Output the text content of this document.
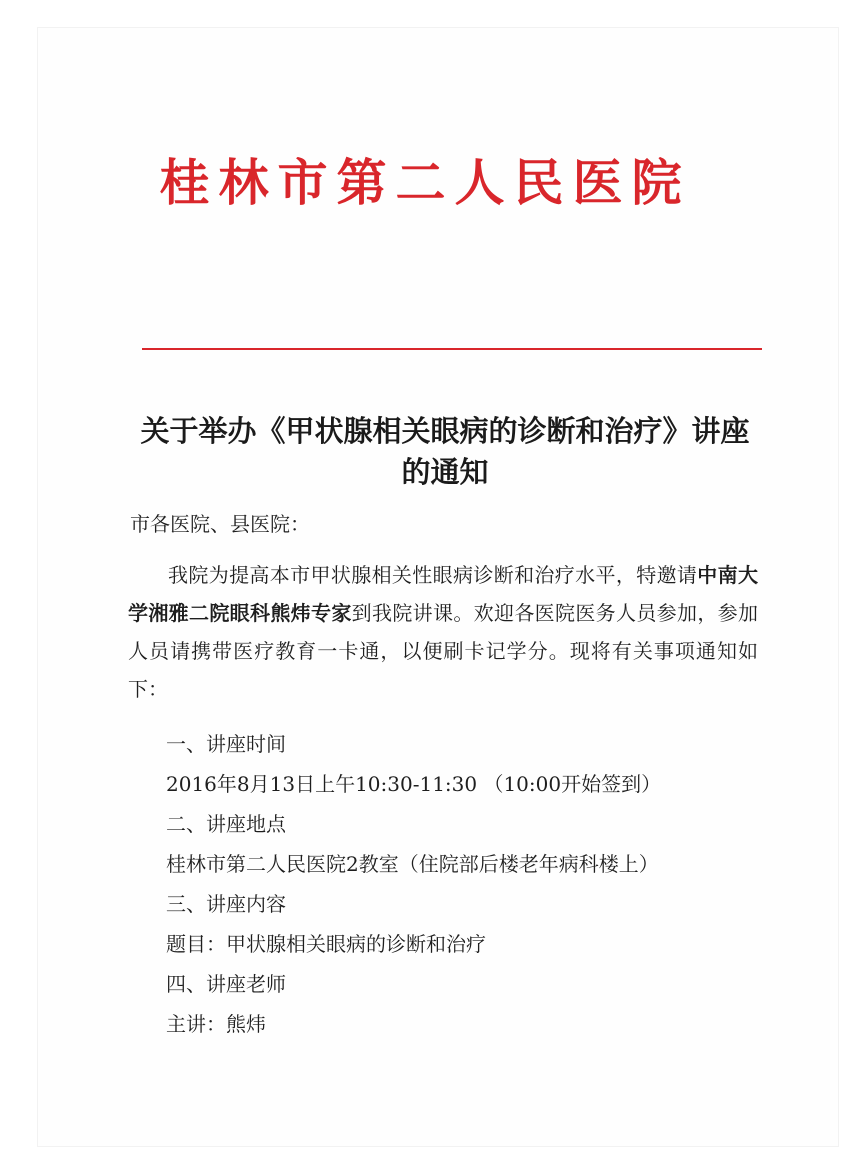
桂林市第二人民医院
关于举办《甲状腺相关眼病的诊断和治疗》讲座
的通知
市各医院、县医院：
我院为提高本市甲状腺相关性眼病诊断和治疗水平，特邀请中南大学湘雅二院眼科熊炜专家到我院讲课。欢迎各医院医务人员参加，参加人员请携带医疗教育一卡通，以便刷卡记学分。现将有关事项通知如下：
一、讲座时间
2016年8月13日上午10:30-11:30 （10:00开始签到）
二、讲座地点
桂林市第二人民医院2教室（住院部后楼老年病科楼上）
三、讲座内容
题目：甲状腺相关眼病的诊断和治疗
四、讲座老师
主讲：熊炜
